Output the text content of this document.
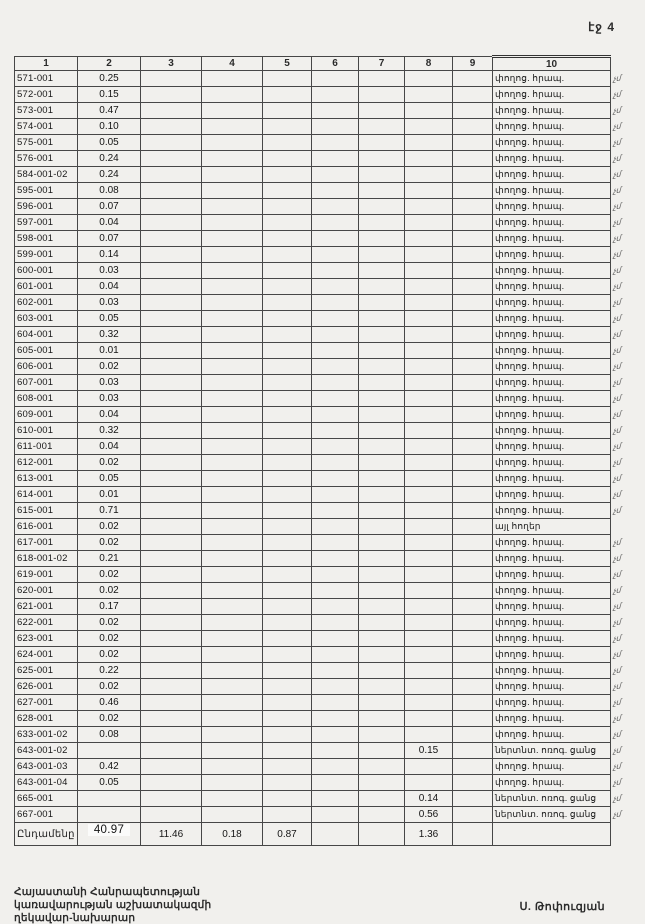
էջ 4
1	2	3	4	5	6	7	8	9	10	
571-001	0.25								փողոց. հրապ.	չմ
572-001	0.15								փողոց. հրապ.	չմ
573-001	0.47								փողոց. հրապ.	չմ
574-001	0.10								փողոց. հրապ.	չմ
575-001	0.05								փողոց. հրապ.	չմ
576-001	0.24								փողոց. հրապ.	չմ
584-001-02	0.24								փողոց. հրապ.	չմ
595-001	0.08								փողոց. հրապ.	չմ
596-001	0.07								փողոց. հրապ.	չմ
597-001	0.04								փողոց. հրապ.	չմ
598-001	0.07								փողոց. հրապ.	չմ
599-001	0.14								փողոց. հրապ.	չմ
600-001	0.03								փողոց. հրապ.	չմ
601-001	0.04								փողոց. հրապ.	չմ
602-001	0.03								փողոց. հրապ.	չմ
603-001	0.05								փողոց. հրապ.	չմ
604-001	0.32								փողոց. հրապ.	չմ
605-001	0.01								փողոց. հրապ.	չմ
606-001	0.02								փողոց. հրապ.	չմ
607-001	0.03								փողոց. հրապ.	չմ
608-001	0.03								փողոց. հրապ.	չմ
609-001	0.04								փողոց. հրապ.	չմ
610-001	0.32								փողոց. հրապ.	չմ
611-001	0.04								փողոց. հրապ.	չմ
612-001	0.02								փողոց. հրապ.	չմ
613-001	0.05								փողոց. հրապ.	չմ
614-001	0.01								փողոց. հրապ.	չմ
615-001	0.71								փողոց. հրապ.	չմ
616-001	0.02								այլ հողեր	
617-001	0.02								փողոց. հրապ.	չմ
618-001-02	0.21								փողոց. հրապ.	չմ
619-001	0.02								փողոց. հրապ.	չմ
620-001	0.02								փողոց. հրապ.	չմ
621-001	0.17								փողոց. հրապ.	չմ
622-001	0.02								փողոց. հրապ.	չմ
623-001	0.02								փողոց. հրապ.	չմ
624-001	0.02								փողոց. հրապ.	չմ
625-001	0.22								փողոց. հրապ.	չմ
626-001	0.02								փողոց. հրապ.	չմ
627-001	0.46								փողոց. հրապ.	չմ
628-001	0.02								փողոց. հրապ.	չմ
633-001-02	0.08								փողոց. հրապ.	չմ
643-001-02							0.15		ներտնտ. ոռոգ. ցանց	չմ
643-001-03	0.42								փողոց. հրապ.	չմ
643-001-04	0.05								փողոց. հրապ.	չմ
665-001							0.14		ներտնտ. ոռոգ. ցանց	չմ
667-001							0.56		ներտնտ. ոռոգ. ցանց	չմ
Ընդամենը	40.97	11.46	0.18	0.87			1.36			
Հայաստանի Հանրապետության
կառավարության աշխատակազմի
ղեկավար-նախարար
Ս. Թոփուզյան
